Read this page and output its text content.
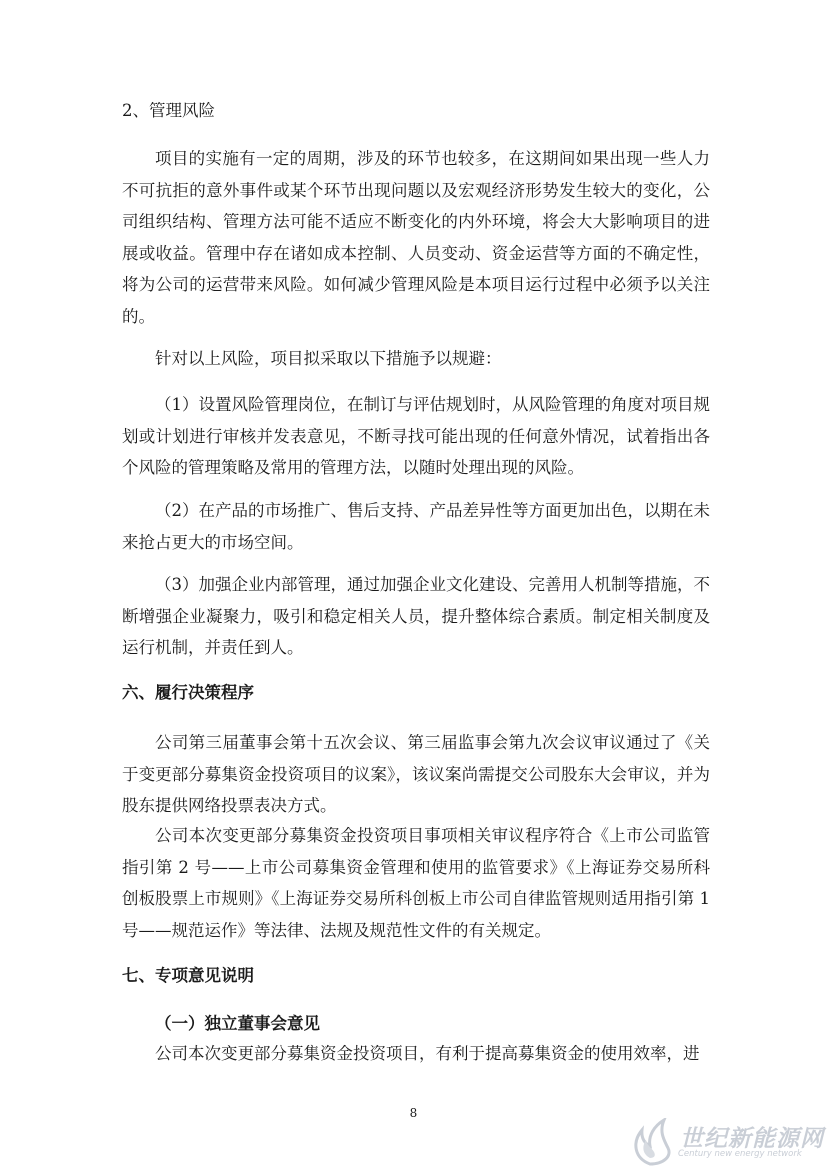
2、管理风险

项目的实施有一定的周期，涉及的环节也较多，在这期间如果出现一些人力不可抗拒的意外事件或某个环节出现问题以及宏观经济形势发生较大的变化，公司组织结构、管理方法可能不适应不断变化的内外环境，将会大大影响项目的进展或收益。管理中存在诸如成本控制、人员变动、资金运营等方面的不确定性，将为公司的运营带来风险。如何减少管理风险是本项目运行过程中必须予以关注的。

针对以上风险，项目拟采取以下措施予以规避：

（1）设置风险管理岗位，在制订与评估规划时，从风险管理的角度对项目规划或计划进行审核并发表意见，不断寻找可能出现的任何意外情况，试着指出各个风险的管理策略及常用的管理方法，以随时处理出现的风险。

（2）在产品的市场推广、售后支持、产品差异性等方面更加出色，以期在未来抢占更大的市场空间。

（3）加强企业内部管理，通过加强企业文化建设、完善用人机制等措施，不断增强企业凝聚力，吸引和稳定相关人员，提升整体综合素质。制定相关制度及运行机制，并责任到人。

六、履行决策程序

公司第三届董事会第十五次会议、第三届监事会第九次会议审议通过了《关于变更部分募集资金投资项目的议案》，该议案尚需提交公司股东大会审议，并为股东提供网络投票表决方式。

公司本次变更部分募集资金投资项目事项相关审议程序符合《上市公司监管指引第 2 号——上市公司募集资金管理和使用的监管要求》《上海证券交易所科创板股票上市规则》《上海证券交易所科创板上市公司自律监管规则适用指引第 1 号——规范运作》等法律、法规及规范性文件的有关规定。

七、专项意见说明

（一）独立董事会意见

公司本次变更部分募集资金投资项目，有利于提高募集资金的使用效率，进

8
世纪新能源网
Century new energy network
